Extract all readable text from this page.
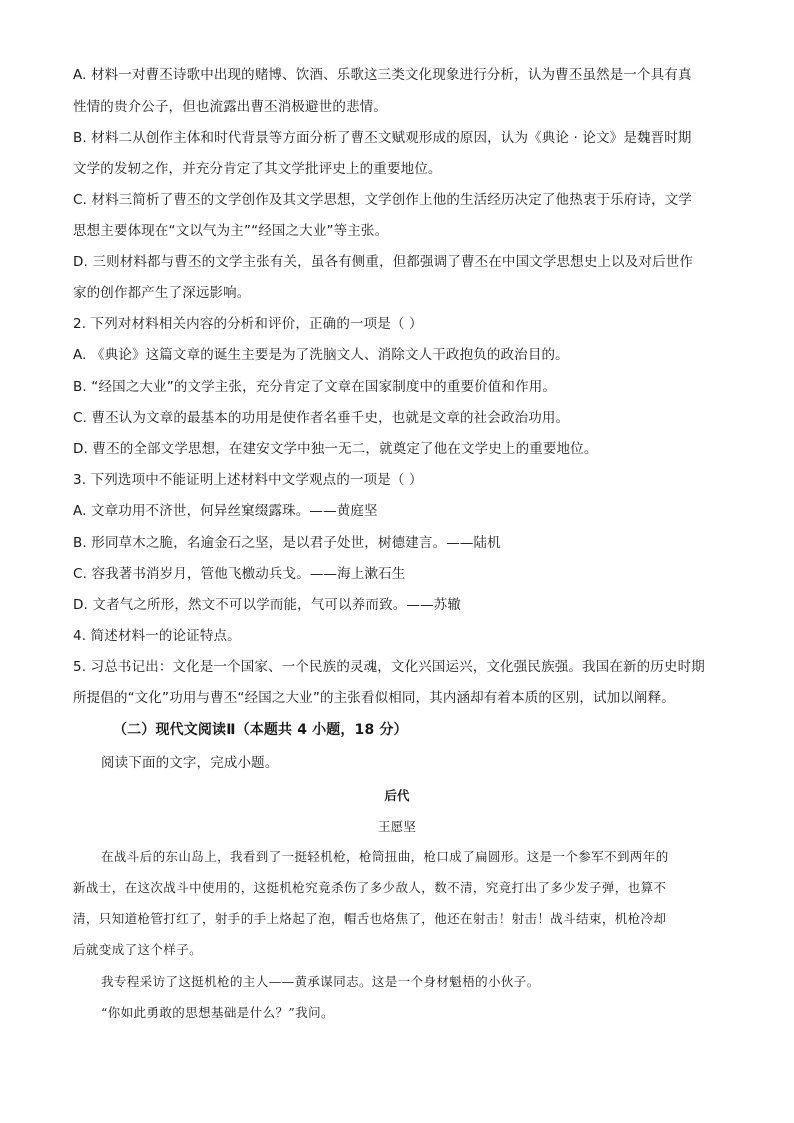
A. 材料一对曹丕诗歌中出现的赌博、饮酒、乐歌这三类文化现象进行分析，认为曹丕虽然是一个具有真
性情的贵介公子，但也流露出曹丕消极避世的悲情。
B. 材料二从创作主体和时代背景等方面分析了曹丕文赋观形成的原因，认为《典论 · 论文》是魏晋时期
文学的发轫之作，并充分肯定了其文学批评史上的重要地位。
C. 材料三简析了曹丕的文学创作及其文学思想，文学创作上他的生活经历决定了他热衷于乐府诗，文学
思想主要体现在“文以气为主”“经国之大业”等主张。
D. 三则材料都与曹丕的文学主张有关，虽各有侧重，但都强调了曹丕在中国文学思想史上以及对后世作
家的创作都产生了深远影响。
2. 下列对材料相关内容的分析和评价，正确的一项是（ ）
A. 《典论》这篇文章的诞生主要是为了洗脑文人、消除文人干政抱负的政治目的。
B. “经国之大业”的文学主张，充分肯定了文章在国家制度中的重要价值和作用。
C. 曹丕认为文章的最基本的功用是使作者名垂千史，也就是文章的社会政治功用。
D. 曹丕的全部文学思想，在建安文学中独一无二，就奠定了他在文学史上的重要地位。
3. 下列选项中不能证明上述材料中文学观点的一项是（ ）
A. 文章功用不济世，何异丝窠缀露珠。——黄庭坚
B. 形同草木之脆，名逾金石之坚，是以君子处世，树德建言。——陆机
C. 容我著书消岁月，管他飞檄动兵戈。——海上漱石生
D. 文者气之所形，然文不可以学而能，气可以养而致。——苏辙
4. 简述材料一的论证特点。
5. 习总书记出：文化是一个国家、一个民族的灵魂，文化兴国运兴，文化强民族强。我国在新的历史时期
所提倡的“文化”功用与曹丕“经国之大业”的主张看似相同，其内涵却有着本质的区别，试加以阐释。
（二）现代文阅读Ⅱ（本题共 4 小题，18 分）
阅读下面的文字，完成小题。
后代
王愿坚
在战斗后的东山岛上，我看到了一挺轻机枪，枪筒扭曲，枪口成了扁圆形。这是一个参军不到两年的
新战士，在这次战斗中使用的，这挺机枪究竟杀伤了多少敌人，数不清，究竟打出了多少发子弹，也算不
清，只知道枪管打红了，射手的手上烙起了泡，帽舌也烙焦了，他还在射击！射击！战斗结束，机枪冷却
后就变成了这个样子。
我专程采访了这挺机枪的主人——黄承谋同志。这是一个身材魁梧的小伙子。
“你如此勇敢的思想基础是什么？”我问。
